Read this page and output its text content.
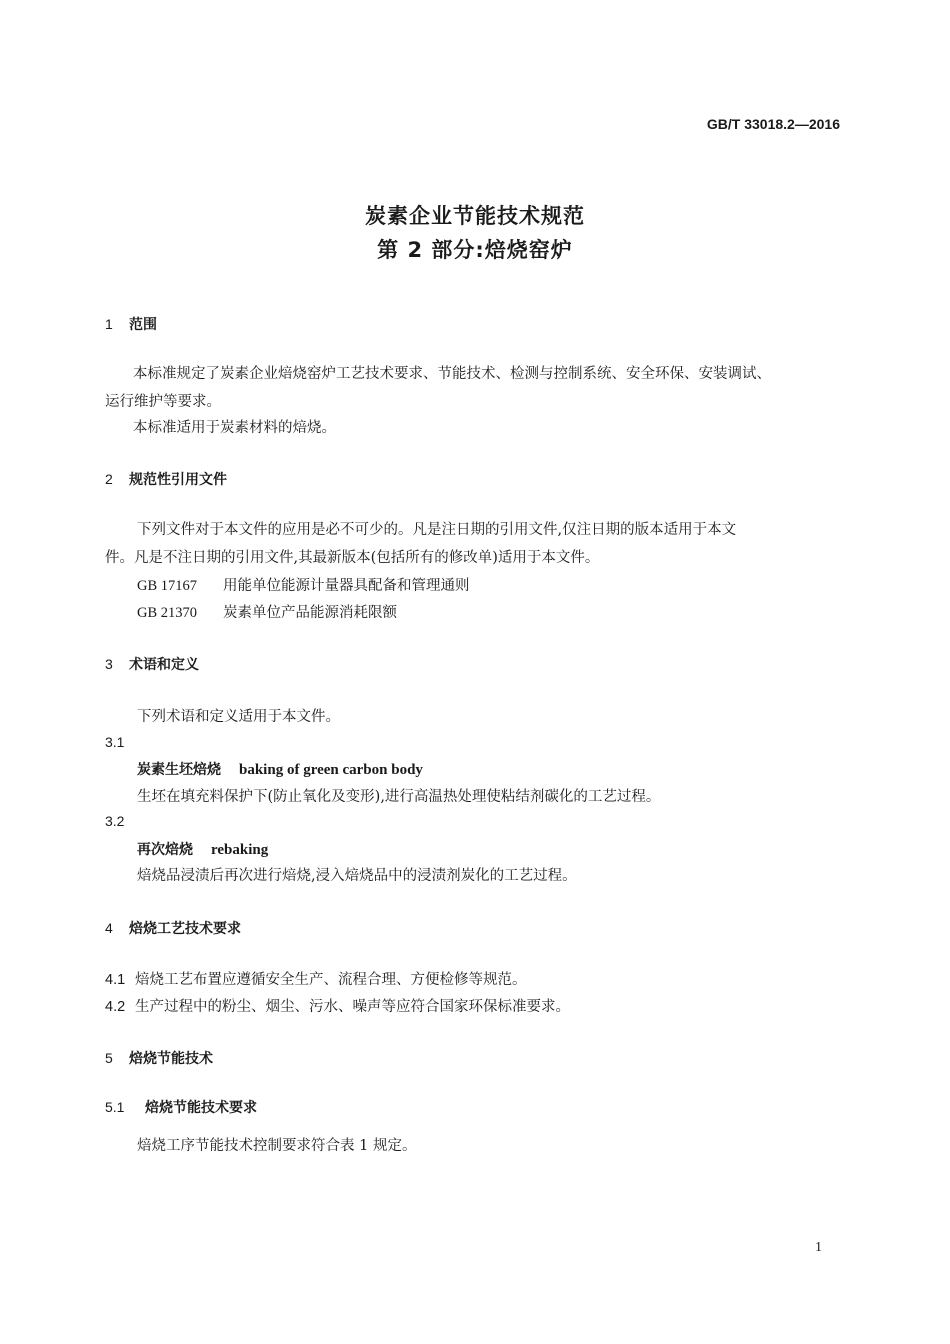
GB/T 33018.2—2016
炭素企业节能技术规范
第 2 部分:焙烧窑炉
1 范围
本标准规定了炭素企业焙烧窑炉工艺技术要求、节能技术、检测与控制系统、安全环保、安装调试、
运行维护等要求。
本标准适用于炭素材料的焙烧。
2 规范性引用文件
下列文件对于本文件的应用是必不可少的。凡是注日期的引用文件,仅注日期的版本适用于本文
件。凡是不注日期的引用文件,其最新版本(包括所有的修改单)适用于本文件。
GB 17167 用能单位能源计量器具配备和管理通则
GB 21370 炭素单位产品能源消耗限额
3 术语和定义
下列术语和定义适用于本文件。
3.1
炭素生坯焙烧 baking of green carbon body
生坯在填充料保护下(防止氧化及变形),进行高温热处理使粘结剂碳化的工艺过程。
3.2
再次焙烧 rebaking
焙烧品浸渍后再次进行焙烧,浸入焙烧品中的浸渍剂炭化的工艺过程。
4 焙烧工艺技术要求
4.1 焙烧工艺布置应遵循安全生产、流程合理、方便检修等规范。
4.2 生产过程中的粉尘、烟尘、污水、噪声等应符合国家环保标准要求。
5 焙烧节能技术
5.1 焙烧节能技术要求
焙烧工序节能技术控制要求符合表 1 规定。
1
